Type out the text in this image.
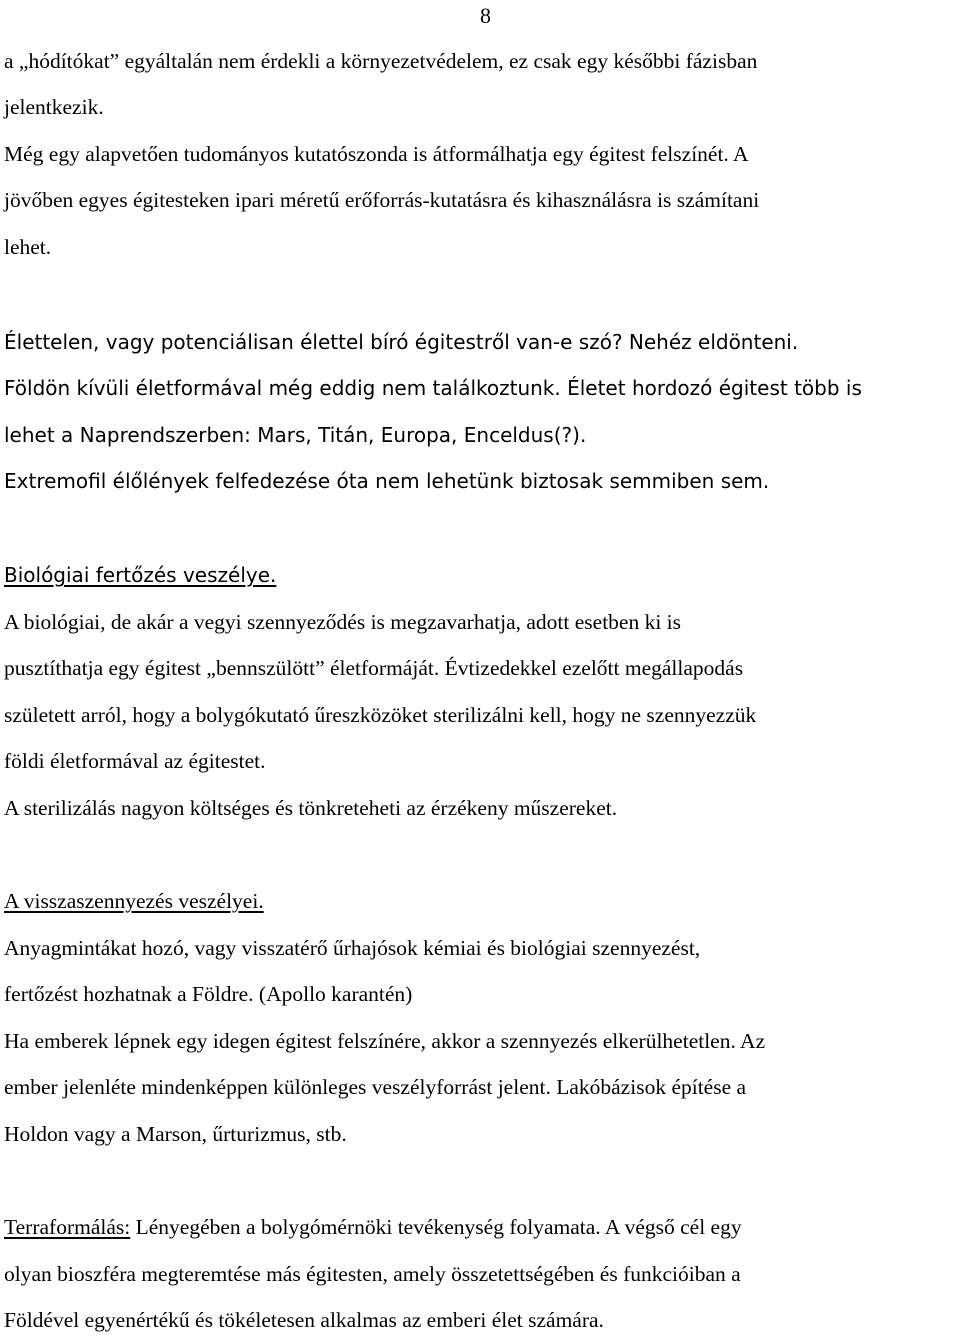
8
a „hódítókat” egyáltalán nem érdekli a környezetvédelem, ez csak egy későbbi fázisban
jelentkezik.
Még egy alapvetően tudományos kutatószonda is átformálhatja egy égitest felszínét. A
jövőben egyes égitesteken ipari méretű erőforrás-kutatásra és kihasználásra is számítani
lehet.
Élettelen, vagy potenciálisan élettel bíró égitestről van-e szó? Nehéz eldönteni.
Földön kívüli életformával még eddig nem találkoztunk. Életet hordozó égitest több is
lehet a Naprendszerben: Mars, Titán, Europa, Enceldus(?).
Extremofil élőlények felfedezése óta nem lehetünk biztosak semmiben sem.
Biológiai fertőzés veszélye.
A biológiai, de akár a vegyi szennyeződés is megzavarhatja, adott esetben ki is
pusztíthatja egy égitest „bennszülött” életformáját. Évtizedekkel ezelőtt megállapodás
született arról, hogy a bolygókutató űreszközöket sterilizálni kell, hogy ne szennyezzük
földi életformával az égitestet.
A sterilizálás nagyon költséges és tönkreteheti az érzékeny műszereket.
A visszaszennyezés veszélyei.
Anyagmintákat hozó, vagy visszatérő űrhajósok kémiai és biológiai szennyezést,
fertőzést hozhatnak a Földre. (Apollo karantén)
Ha emberek lépnek egy idegen égitest felszínére, akkor a szennyezés elkerülhetetlen. Az
ember jelenléte mindenképpen különleges veszélyforrást jelent. Lakóbázisok építése a
Holdon vagy a Marson, űrturizmus, stb.
Terraformálás: Lényegében a bolygómérnöki tevékenység folyamata. A végső cél egy
olyan bioszféra megteremtése más égitesten, amely összetettségében és funkcióiban a
Földével egyenértékű és tökéletesen alkalmas az emberi élet számára.
